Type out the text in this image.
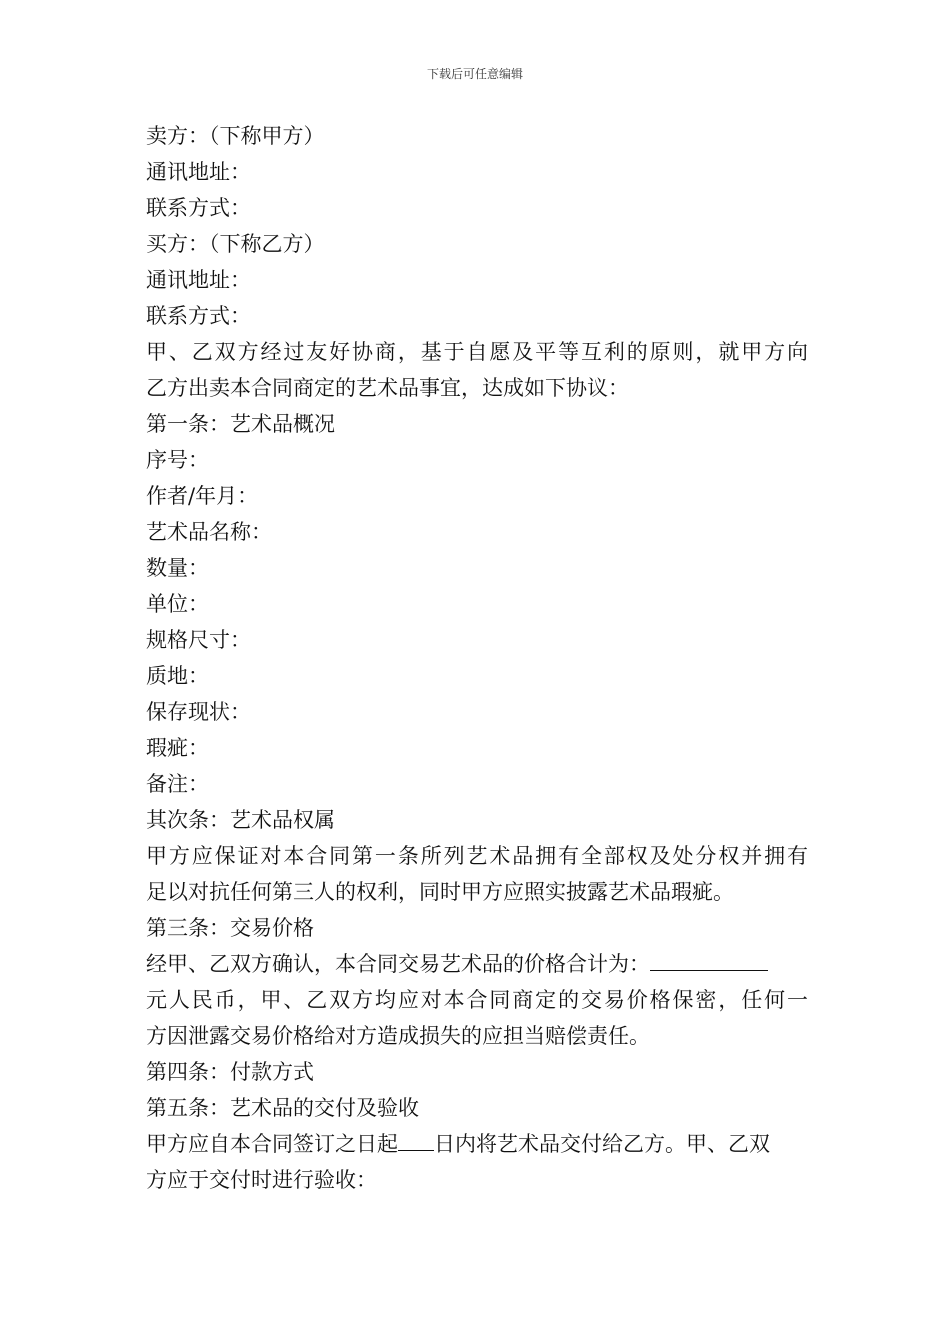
下载后可任意编辑
卖方：（下称甲方）
通讯地址：
联系方式：
买方：（下称乙方）
通讯地址：
联系方式：
甲、乙双方经过友好协商，基于自愿及平等互利的原则，就甲方向
乙方出卖本合同商定的艺术品事宜，达成如下协议：
第一条：艺术品概况
序号：
作者/年月：
艺术品名称：
数量：
单位：
规格尺寸：
质地：
保存现状：
瑕疵：
备注：
其次条：艺术品权属
甲方应保证对本合同第一条所列艺术品拥有全部权及处分权并拥有
足以对抗任何第三人的权利，同时甲方应照实披露艺术品瑕疵。
第三条：交易价格
经甲、乙双方确认，本合同交易艺术品的价格合计为：
元人民币，甲、乙双方均应对本合同商定的交易价格保密，任何一
方因泄露交易价格给对方造成损失的应担当赔偿责任。
第四条：付款方式
第五条：艺术品的交付及验收
甲方应自本合同签订之日起 日内将艺术品交付给乙方。甲、乙双
方应于交付时进行验收：
